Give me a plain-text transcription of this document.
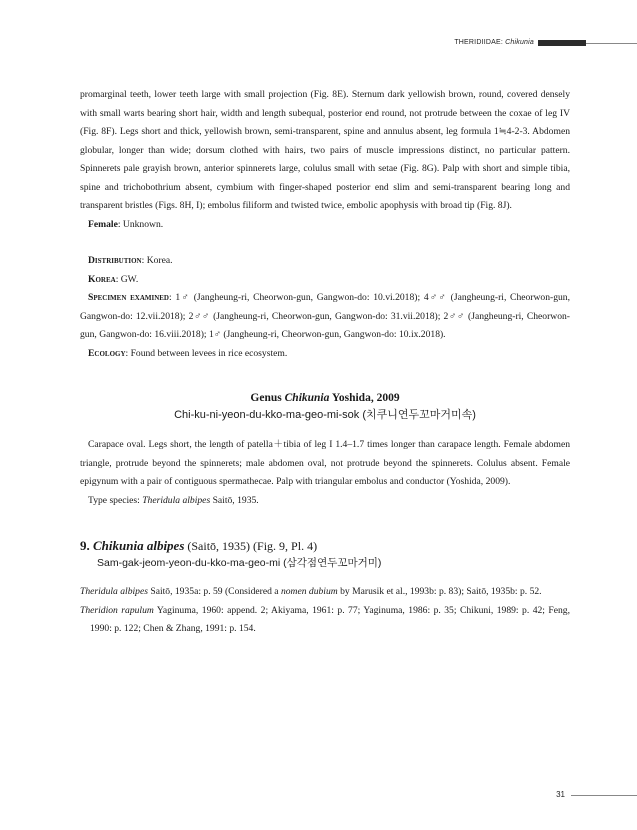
THERIDIIDAE: Chikunia

promarginal teeth, lower teeth large with small projection (Fig. 8E). Sternum dark yellowish brown, round, covered densely with small warts bearing short hair, width and length subequal, posterior end round, not protrude between the coxae of leg IV (Fig. 8F). Legs short and thick, yellowish brown, semi-transparent, spine and annulus absent, leg formula 1≒4-2-3. Abdomen globular, longer than wide; dorsum clothed with hairs, two pairs of muscle impressions distinct, no particular pattern. Spinnerets pale grayish brown, anterior spinnerets large, colulus small with setae (Fig. 8G). Palp with short and simple tibia, spine and trichobothrium absent, cymbium with finger-shaped posterior end slim and semi-transparent bearing long and transparent bristles (Figs. 8H, I); embolus filiform and twisted twice, embolic apophysis with broad tip (Fig. 8J).

Female: Unknown.

Distribution: Korea.

Korea: GW.

Specimen examined: 1♂ (Jangheung-ri, Cheorwon-gun, Gangwon-do: 10.vi.2018); 4♂♂ (Jangheung-ri, Cheorwon-gun, Gangwon-do: 12.vii.2018); 2♂♂ (Jangheung-ri, Cheorwon-gun, Gangwon-do: 31.vii.2018); 2♂♂ (Jangheung-ri, Cheorwon-gun, Gangwon-do: 16.viii.2018); 1♂ (Jangheung-ri, Cheorwon-gun, Gangwon-do: 10.ix.2018).

Ecology: Found between levees in rice ecosystem.

Genus Chikunia Yoshida, 2009

Chi-ku-ni-yeon-du-kko-ma-geo-mi-sok (치쿠니연두꼬마거미속)

Carapace oval. Legs short, the length of patella＋tibia of leg I 1.4–1.7 times longer than carapace length. Female abdomen triangle, protrude beyond the spinnerets; male abdomen oval, not protrude beyond the spinnerets. Colulus absent. Female epigynum with a pair of contiguous spermathecae. Palp with triangular embolus and conductor (Yoshida, 2009).

Type species: Theridula albipes Saitō, 1935.

9. Chikunia albipes (Saitō, 1935) (Fig. 9, Pl. 4)

Sam-gak-jeom-yeon-du-kko-ma-geo-mi (삼각점연두꼬마거미)

Theridula albipes Saitō, 1935a: p. 59 (Considered a nomen dubium by Marusik et al., 1993b: p. 83); Saitō, 1935b: p. 52.

Theridion rapulum Yaginuma, 1960: append. 2; Akiyama, 1961: p. 77; Yaginuma, 1986: p. 35; Chikuni, 1989: p. 42; Feng, 1990: p. 122; Chen & Zhang, 1991: p. 154.

31
